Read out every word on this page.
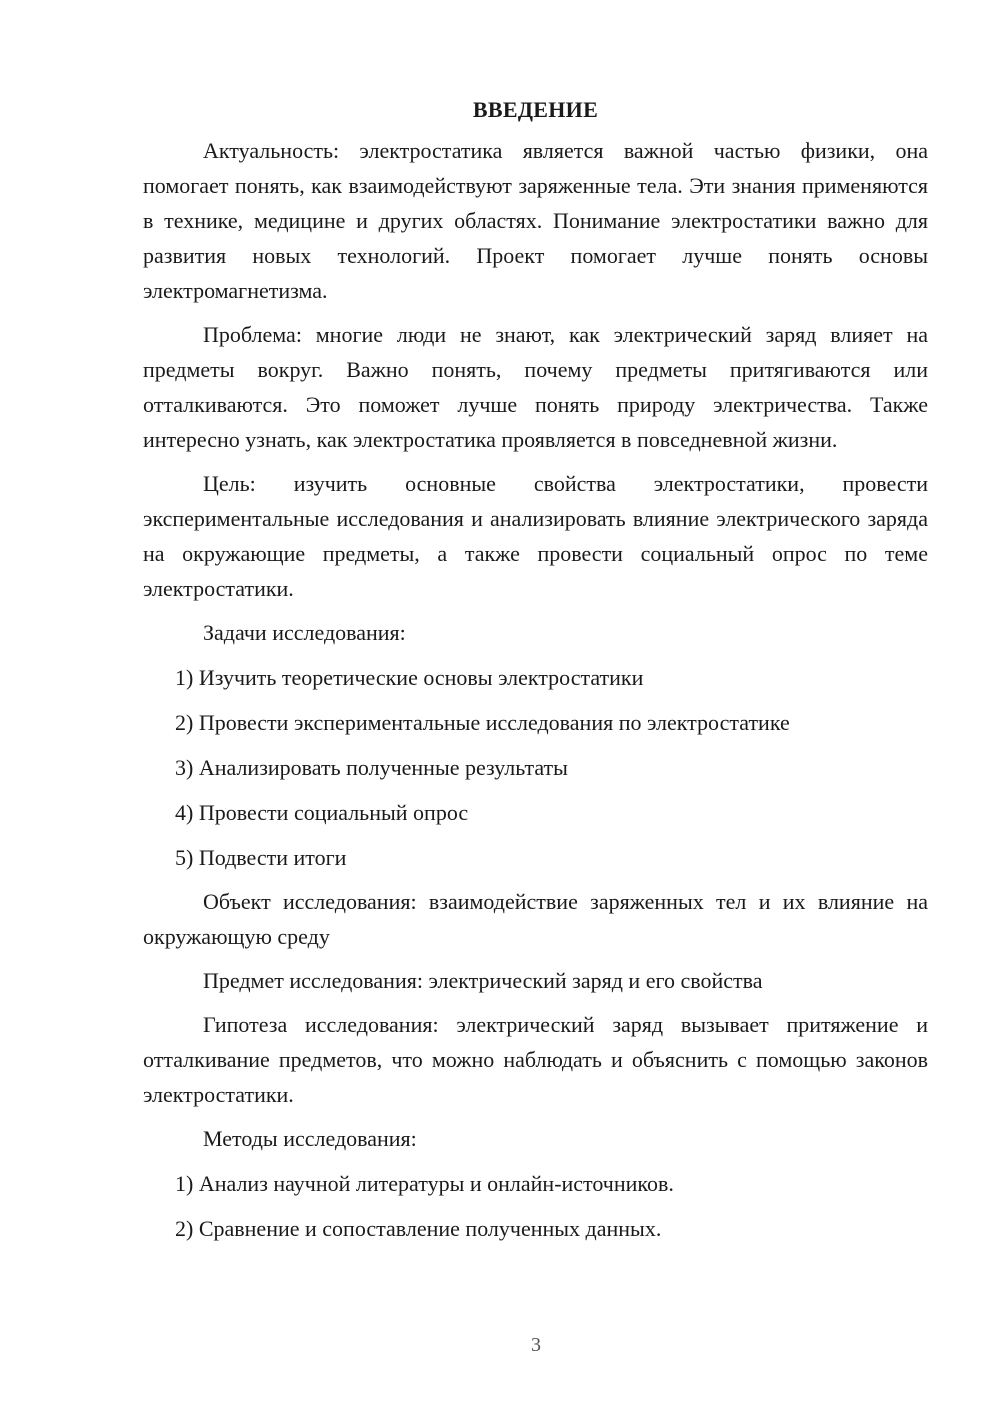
ВВЕДЕНИЕ

Актуальность: электростатика является важной частью физики, она помогает понять, как взаимодействуют заряженные тела. Эти знания применяются в технике, медицине и других областях. Понимание электростатики важно для развития новых технологий. Проект помогает лучше понять основы электромагнетизма.

Проблема: многие люди не знают, как электрический заряд влияет на предметы вокруг. Важно понять, почему предметы притягиваются или отталкиваются. Это поможет лучше понять природу электричества. Также интересно узнать, как электростатика проявляется в повседневной жизни.

Цель: изучить основные свойства электростатики, провести экспериментальные исследования и анализировать влияние электрического заряда на окружающие предметы, а также провести социальный опрос по теме электростатики.

Задачи исследования:

1) Изучить теоретические основы электростатики
2) Провести экспериментальные исследования по электростатике
3) Анализировать полученные результаты
4) Провести социальный опрос
5) Подвести итоги

Объект исследования: взаимодействие заряженных тел и их влияние на окружающую среду

Предмет исследования: электрический заряд и его свойства

Гипотеза исследования: электрический заряд вызывает притяжение и отталкивание предметов, что можно наблюдать и объяснить с помощью законов электростатики.

Методы исследования:

1) Анализ научной литературы и онлайн-источников.
2) Сравнение и сопоставление полученных данных.
3
